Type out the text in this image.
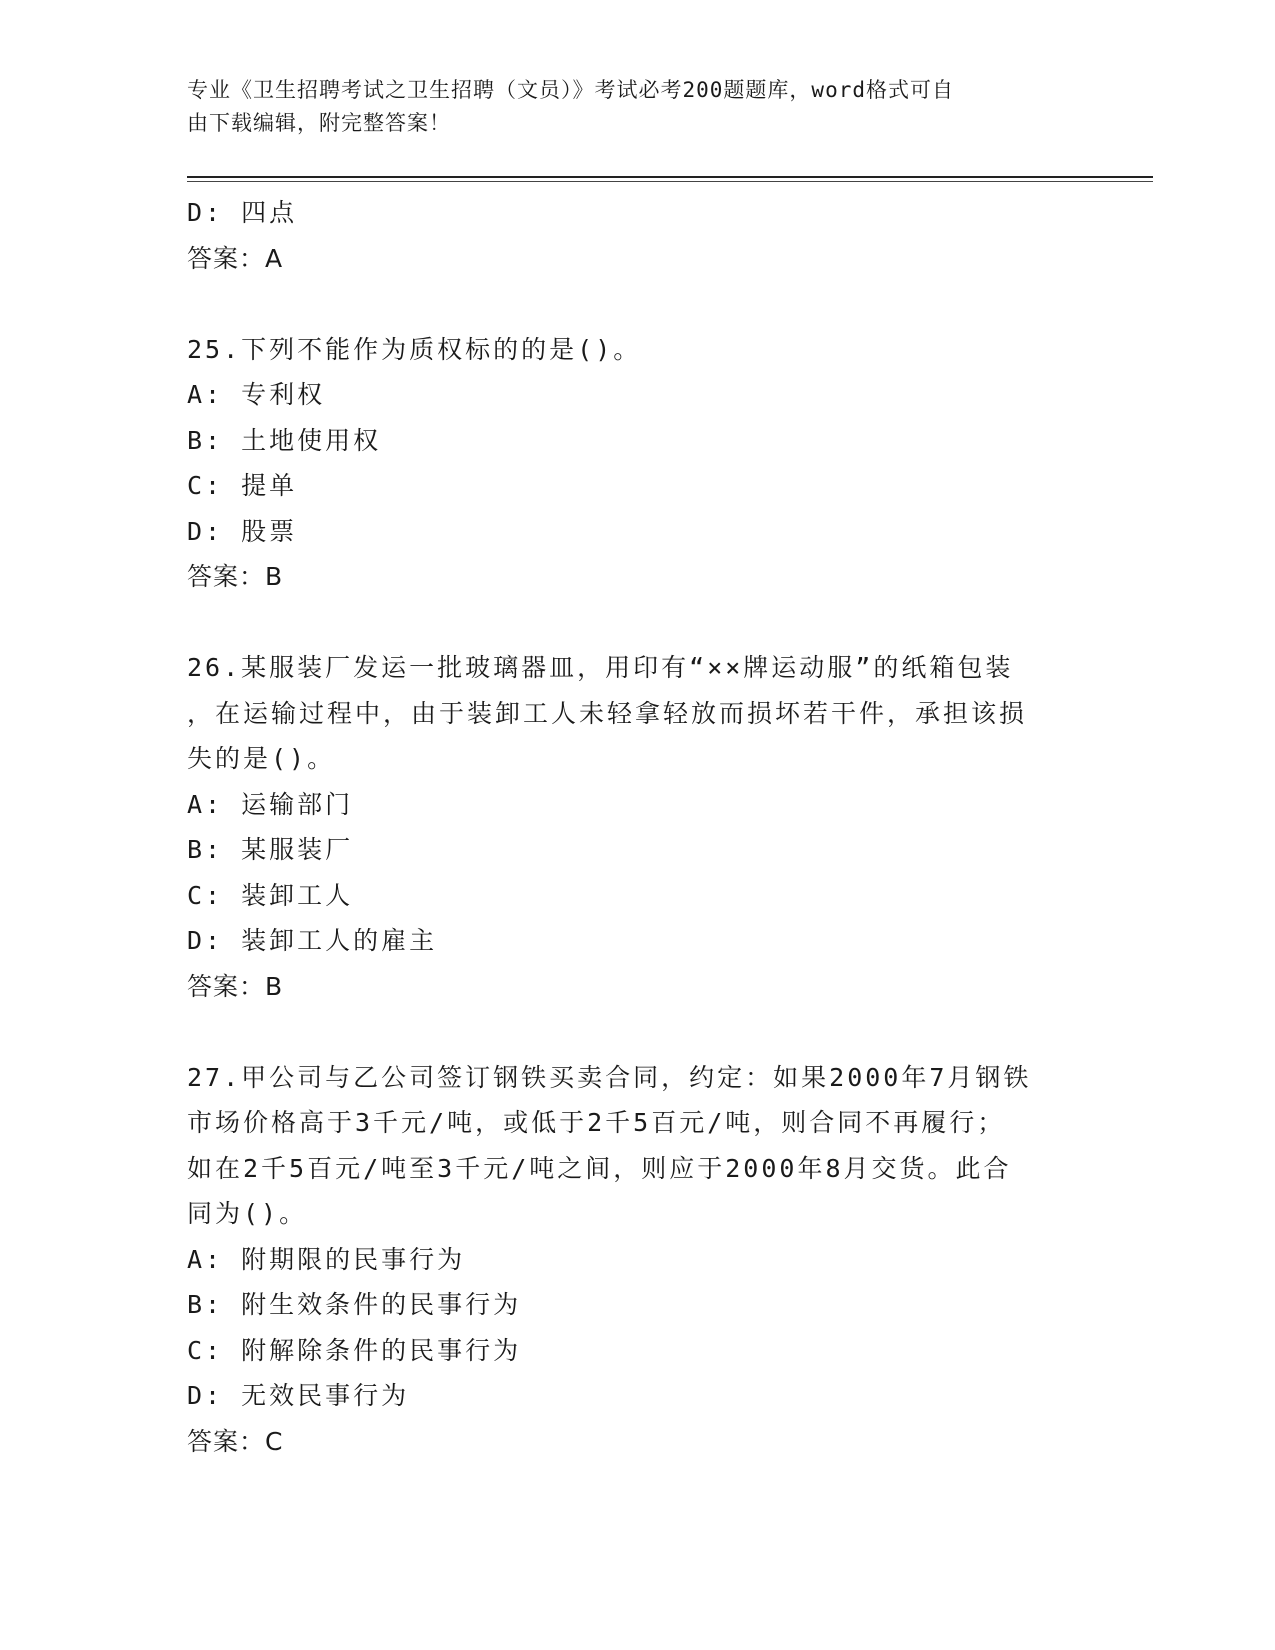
专业《卫生招聘考试之卫生招聘（文员）》考试必考200题题库，word格式可自
由下载编辑，附完整答案！
D: 四点
答案：A
25.下列不能作为质权标的的是()。
A: 专利权
B: 土地使用权
C: 提单
D: 股票
答案：B
26.某服装厂发运一批玻璃器皿，用印有“××牌运动服”的纸箱包装
，在运输过程中，由于装卸工人未轻拿轻放而损坏若干件，承担该损
失的是()。
A: 运输部门
B: 某服装厂
C: 装卸工人
D: 装卸工人的雇主
答案：B
27.甲公司与乙公司签订钢铁买卖合同，约定：如果2000年7月钢铁
市场价格高于3千元/吨，或低于2千5百元/吨，则合同不再履行；
如在2千5百元/吨至3千元/吨之间，则应于2000年8月交货。此合
同为()。
A: 附期限的民事行为
B: 附生效条件的民事行为
C: 附解除条件的民事行为
D: 无效民事行为
答案：C
